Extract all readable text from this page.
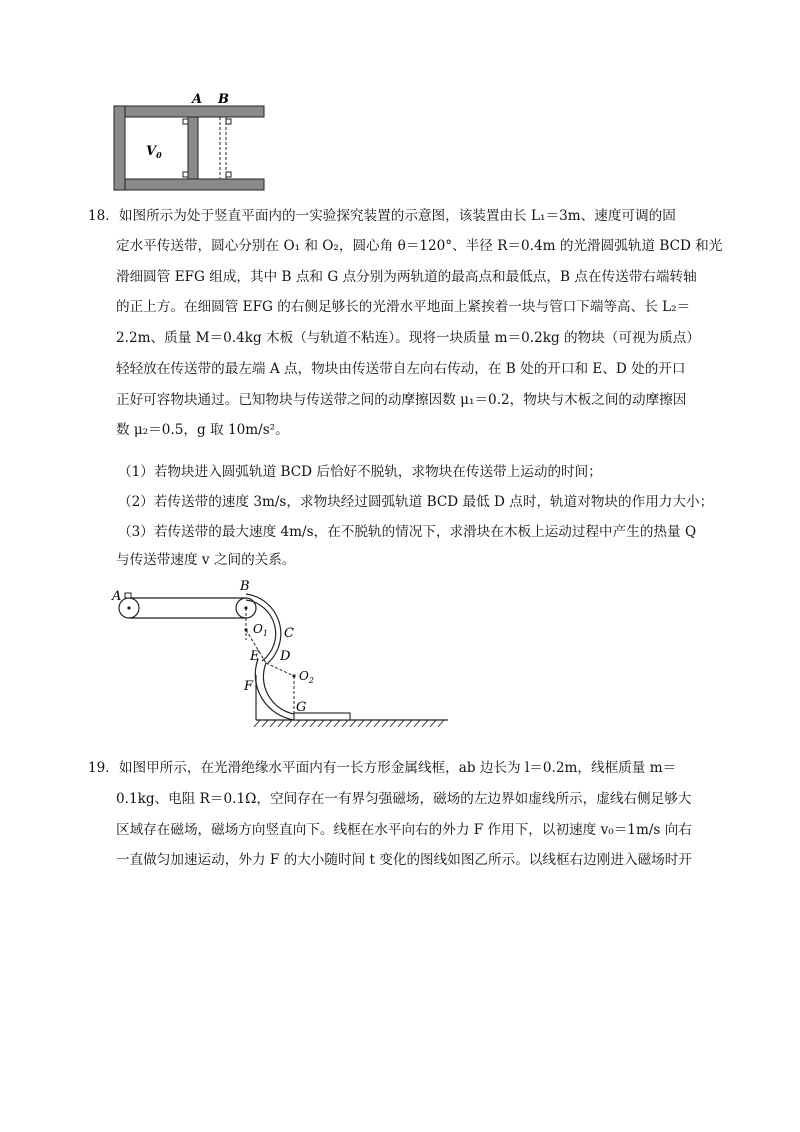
A B
$V_0$
18．如图所示为处于竖直平面内的一实验探究装置的示意图，该装置由长 L₁＝3m、速度可调的固
定水平传送带，圆心分别在 O₁ 和 O₂，圆心角 θ＝120°、半径 R＝0.4m 的光滑圆弧轨道 BCD 和光
滑细圆管 EFG 组成，其中 B 点和 G 点分别为两轨道的最高点和最低点，B 点在传送带右端转轴
的正上方。在细圆管 EFG 的右侧足够长的光滑水平地面上紧挨着一块与管口下端等高、长 L₂＝
2.2m、质量 M＝0.4kg 木板（与轨道不粘连）。现将一块质量 m＝0.2kg 的物块（可视为质点）
轻轻放在传送带的最左端 A 点，物块由传送带自左向右传动，在 B 处的开口和 E、D 处的开口
正好可容物块通过。已知物块与传送带之间的动摩擦因数 μ₁＝0.2，物块与木板之间的动摩擦因
数 μ₂＝0.5，g 取 10m/s²。
（1）若物块进入圆弧轨道 BCD 后恰好不脱轨，求物块在传送带上运动的时间；
（2）若传送带的速度 3m/s，求物块经过圆弧轨道 BCD 最低 D 点时，轨道对物块的作用力大小；
（3）若传送带的最大速度 4m/s，在不脱轨的情况下，求滑块在木板上运动过程中产生的热量 Q
与传送带速度 v 之间的关系。
A
B
$O_1$ C
E D
$O_2$
F
G
19．如图甲所示，在光滑绝缘水平面内有一长方形金属线框，ab 边长为 l＝0.2m，线框质量 m＝
0.1kg、电阻 R＝0.1Ω，空间存在一有界匀强磁场，磁场的左边界如虚线所示，虚线右侧足够大
区域存在磁场，磁场方向竖直向下。线框在水平向右的外力 F 作用下，以初速度 v₀＝1m/s 向右
一直做匀加速运动，外力 F 的大小随时间 t 变化的图线如图乙所示。以线框右边刚进入磁场时开
